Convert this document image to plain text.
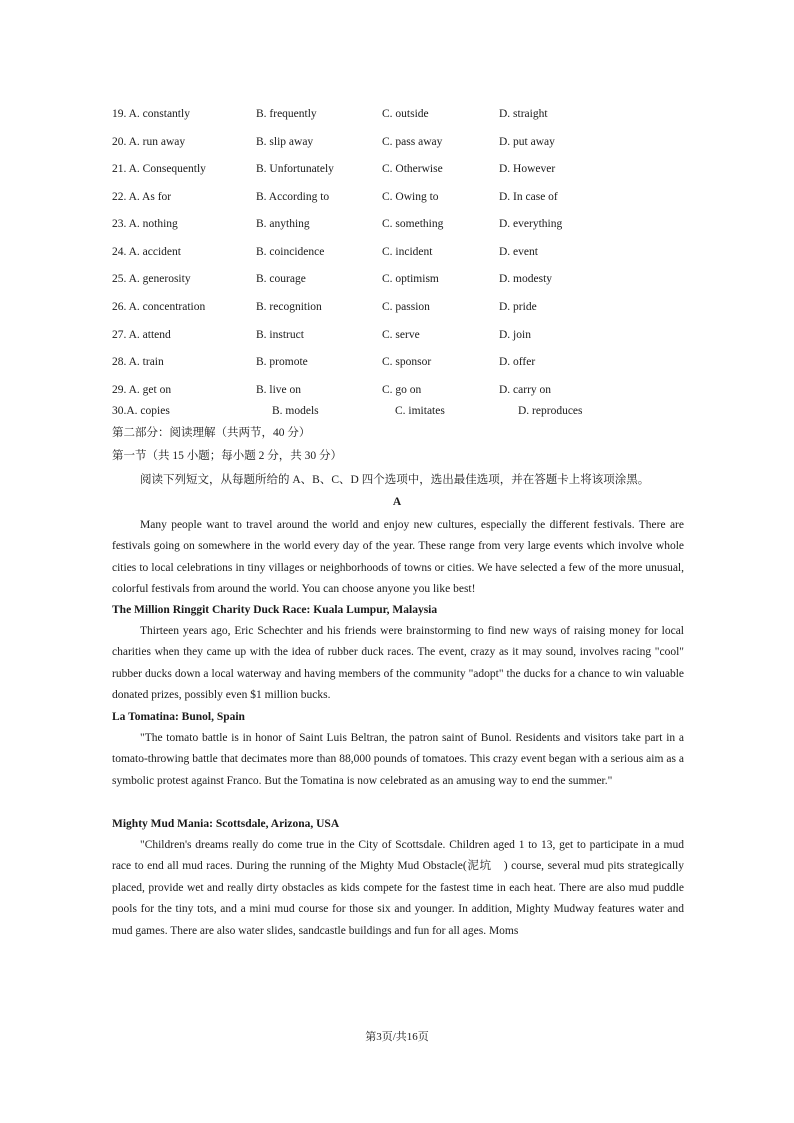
19. A. constantly	B. frequently	C. outside	D. straight
20. A. run away	B. slip away	C. pass away	D. put away
21. A. Consequently	B. Unfortunately	C. Otherwise	D. However
22. A. As for	B. According to	C. Owing to	D. In case of
23. A. nothing	B. anything	C. something	D. everything
24. A. accident	B. coincidence	C. incident	D. event
25. A. generosity	B. courage	C. optimism	D. modesty
26. A. concentration	B. recognition	C. passion	D. pride
27. A. attend	B. instruct	C. serve	D. join
28. A. train	B. promote	C. sponsor	D. offer
29. A. get on	B. live on	C. go on	D. carry on
30.A. copies	B. models	C. imitates	D. reproduces
第二部分：阅读理解（共两节，40 分）
第一节（共 15 小题；每小题 2 分，共 30 分）
阅读下列短文，从每题所给的 A、B、C、D 四个选项中，选出最佳选项，并在答题卡上将该项涂黑。
A

Many people want to travel around the world and enjoy new cultures, especially the different festivals. There are festivals going on somewhere in the world every day of the year. These range from very large events which involve whole cities to local celebrations in tiny villages or neighborhoods of towns or cities. We have selected a few of the more unusual, colorful festivals from around the world. You can choose anyone you like best!

The Million Ringgit Charity Duck Race: Kuala Lumpur, Malaysia

Thirteen years ago, Eric Schechter and his friends were brainstorming to find new ways of raising money for local charities when they came up with the idea of rubber duck races. The event, crazy as it may sound, involves racing "cool" rubber ducks down a local waterway and having members of the community "adopt" the ducks for a chance to win valuable donated prizes, possibly even $1 million bucks.

La Tomatina: Bunol, Spain

"The tomato battle is in honor of Saint Luis Beltran, the patron saint of Bunol. Residents and visitors take part in a tomato-throwing battle that decimates more than 88,000 pounds of tomatoes. This crazy event began with a serious aim as a symbolic protest against Franco. But the Tomatina is now celebrated as an amusing way to end the summer."

Mighty Mud Mania: Scottsdale, Arizona, USA

"Children's dreams really do come true in the City of Scottsdale. Children aged 1 to 13, get to participate in a mud race to end all mud races. During the running of the Mighty Mud Obstacle(泥坑　) course, several mud pits strategically placed, provide wet and really dirty obstacles as kids compete for the fastest time in each heat. There are also mud puddle pools for the tiny tots, and a mini mud course for those six and younger. In addition, Mighty Mudway features water and mud games. There are also water slides, sandcastle buildings and fun for all ages. Moms

第3页/共16页
